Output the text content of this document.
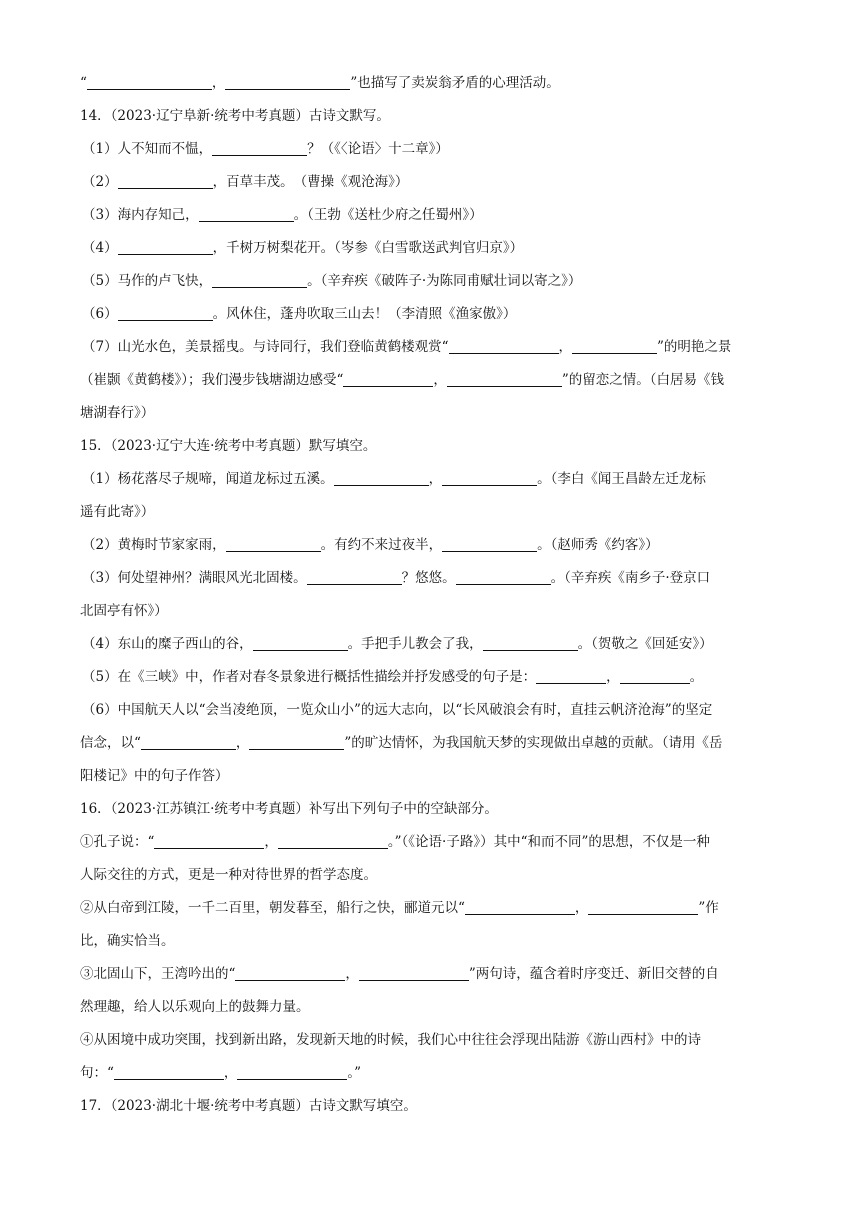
“	，	”也描写了卖炭翁矛盾的心理活动。
14．（2023·辽宁阜新·统考中考真题）古诗文默写。
（1）人不知而不愠，	？（《〈论语〉十二章》）
（2）	，百草丰茂。　（曹操《观沧海》）
（3）海内存知己，	。（王勃《送杜少府之任蜀州》）
（4）	，千树万树梨花开。（岑参《白雪歌送武判官归京》）
（5）马作的卢飞快，	。（辛弃疾《破阵子·为陈同甫赋壮词以寄之》）
（6）	。风休住，蓬舟吹取三山去！（李清照《渔家傲》）
（7）山光水色，美景摇曳。与诗同行，我们登临黄鹤楼观赏“	，	”的明艳之景
（崔颢《黄鹤楼》）；我们漫步钱塘湖边感受“	，	”的留恋之情。（白居易《钱
塘湖春行》）
15．（2023·辽宁大连·统考中考真题）默写填空。
（1）杨花落尽子规啼，闻道龙标过五溪。	，	。（李白《闻王昌龄左迁龙标
遥有此寄》）
（2）黄梅时节家家雨，	。有约不来过夜半，	。（赵师秀《约客》）
（3）何处望神州？满眼风光北固楼。	？悠悠。	。（辛弃疾《南乡子·登京口
北固亭有怀》）
（4）东山的糜子西山的谷，	。手把手儿教会了我，	。（贺敬之《回延安》）
（5）在《三峡》中，作者对春冬景象进行概括性描绘并抒发感受的句子是：	，	。
（6）中国航天人以“会当凌绝顶，一览众山小”的远大志向，以“长风破浪会有时，直挂云帆济沧海”的坚定
信念，以“	，	”的旷达情怀，为我国航天梦的实现做出卓越的贡献。（请用《岳
阳楼记》中的句子作答）
16．（2023·江苏镇江·统考中考真题）补写出下列句子中的空缺部分。
①孔子说：“	，	。”（《论语·子路》）其中“和而不同”的思想，不仅是一种
人际交往的方式，更是一种对待世界的哲学态度。
②从白帝到江陵，一千二百里，朝发暮至，船行之快，郦道元以“	，	”作
比，确实恰当。
③北固山下，王湾吟出的“	，	”两句诗，蕴含着时序变迁、新旧交替的自
然理趣，给人以乐观向上的鼓舞力量。
④从困境中成功突围，找到新出路，发现新天地的时候，我们心中往往会浮现出陆游《游山西村》中的诗
句：“	，	。”
17．（2023·湖北十堰·统考中考真题）古诗文默写填空。
